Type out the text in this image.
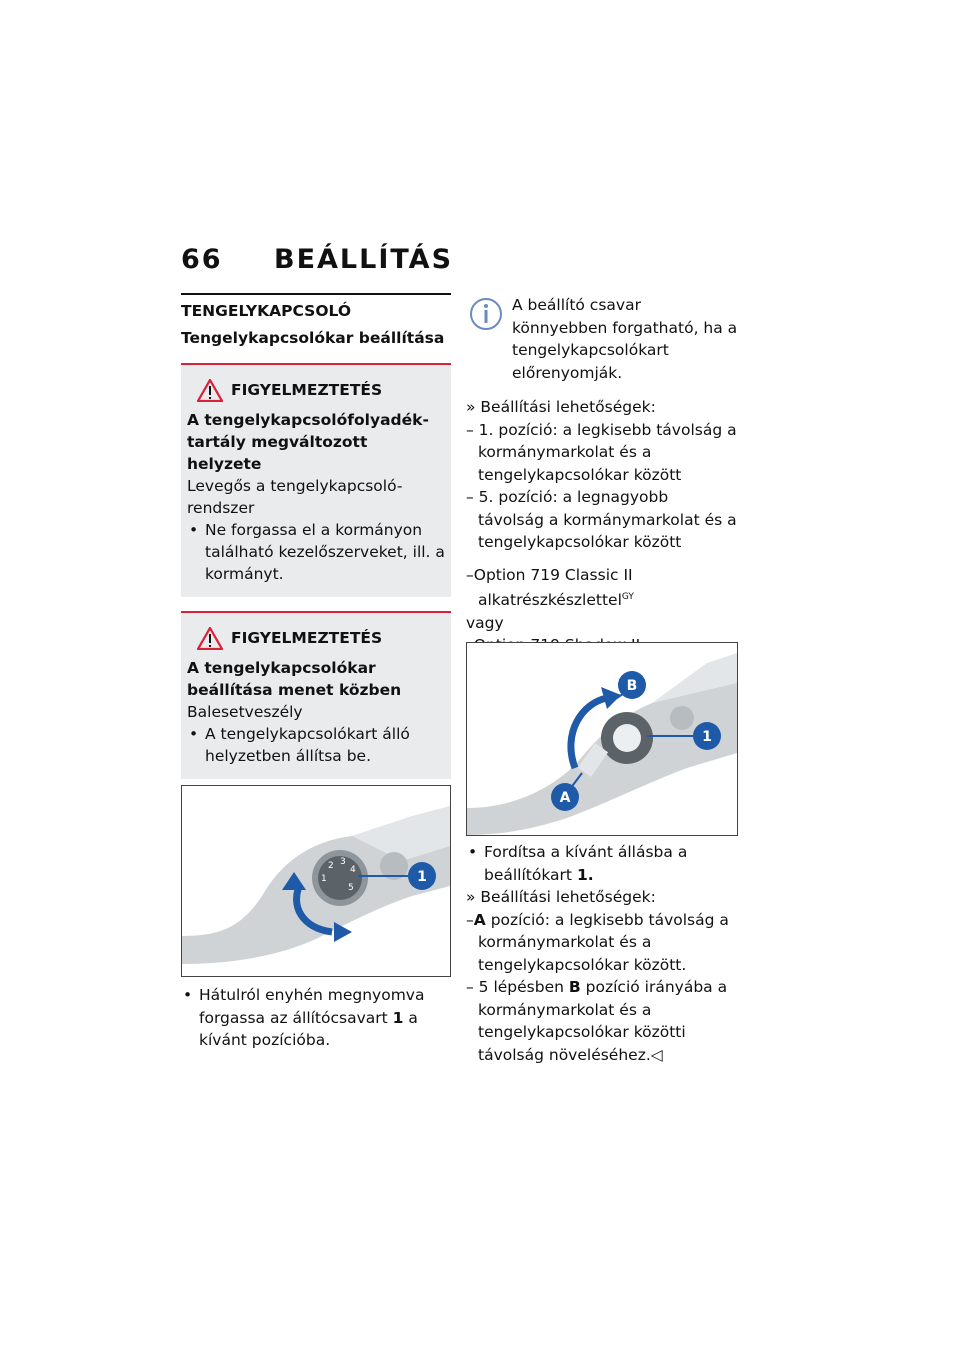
66 BEÁLLÍTÁS
TENGELYKAPCSOLÓ
Tengelykapcsolókar beállítása
FIGYELMEZTETÉS
A tengelykapcsolófolyadék-tartály megváltozott helyzete
Levegős a tengelykapcsoló-rendszer
• Ne forgassa el a kormányon található kezelőszerveket, ill. a kormányt.
FIGYELMEZTETÉS
A tengelykapcsolókar beállítása menet közben
Balesetveszély
• A tengelykapcsolókart álló helyzetben állítsa be.
1
2 3
4
5
1
• Hátulról enyhén megnyomva forgassa az állítócsavart 1 a kívánt pozícióba.
A beállító csavar könnyebben forgatható, ha a tengelykapcsolókart előrenyomják.
» Beállítási lehetőségek:
– 1. pozíció: a legkisebb távolság a kormánymarkolat és a tengelykapcsolókar között
– 5. pozíció: a legnagyobb távolság a kormánymarkolat és a tengelykapcsolókar között
–Option 719 Classic II alkatrészkészlettel$^{GY}$
vagy
B
1
A
• Fordítsa a kívánt állásba a beállítókart 1.
» Beállítási lehetőségek:
–A pozíció: a legkisebb távolság a kormánymarkolat és a tengelykapcsolókar között.
– 5 lépésben B pozíció irányába a kormánymarkolat és a tengelykapcsolókar közötti távolság növeléséhez.◁
